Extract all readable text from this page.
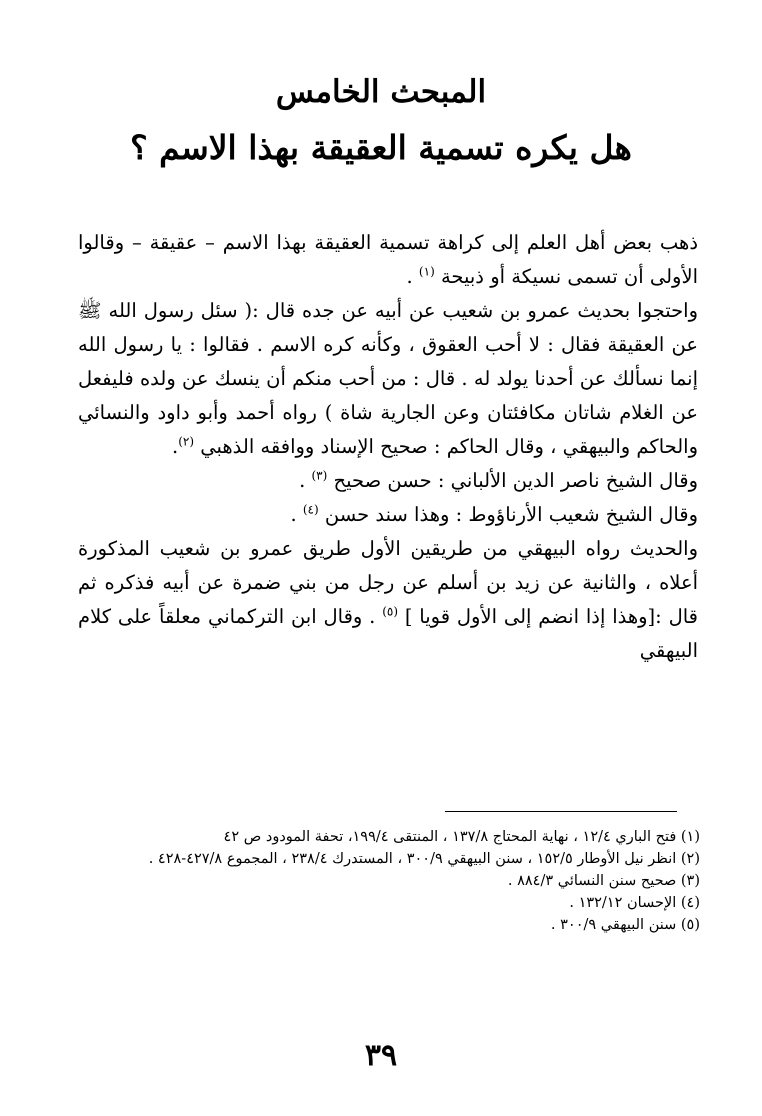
المبحث الخامس
هل يكره تسمية العقيقة بهذا الاسم ؟

ذهب بعض أهل العلم إلى كراهة تسمية العقيقة بهذا الاسم – عقيقة – وقالوا الأولى أن تسمى نسيكة أو ذبيحة $^{(١)}$ .

واحتجوا بحديث عمرو بن شعيب عن أبيه عن جده قال :( سئل رسول الله ﷺ عن العقيقة فقال : لا أحب العقوق ، وكأنه كره الاسم . فقالوا : يا رسول الله إنما نسألك عن أحدنا يولد له . قال : من أحب منكم أن ينسك عن ولده فليفعل عن الغلام شاتان مكافئتان وعن الجارية شاة ) رواه أحمد وأبو داود والنسائي والحاكم والبيهقي ، وقال الحاكم : صحيح الإسناد ووافقه الذهبي $^{(٢)}$.

وقال الشيخ ناصر الدين الألباني : حسن صحيح $^{(٣)}$ .

وقال الشيخ شعيب الأرناؤوط : وهذا سند حسن $^{(٤)}$ .

والحديث رواه البيهقي من طريقين الأول طريق عمرو بن شعيب المذكورة أعلاه ، والثانية عن زيد بن أسلم عن رجل من بني ضمرة عن أبيه فذكره ثم قال :[وهذا إذا انضم إلى الأول قويا ] $^{(٥)}$ . وقال ابن التركماني معلقاً على كلام البيهقي

(١) فتح الباري ١٢/٤ ، نهاية المحتاج ١٣٧/٨ ، المنتقى ١٩٩/٤، تحفة المودود ص ٤٢
(٢) انظر نيل الأوطار ١٥٢/٥ ، سنن البيهقي ٣٠٠/٩ ، المستدرك ٢٣٨/٤ ، المجموع ٤٢٧/٨-٤٢٨ .
(٣) صحيح سنن النسائي ٨٨٤/٣ .
(٤) الإحسان ١٣٢/١٢ .
(٥) سنن البيهقي ٣٠٠/٩ .
٣٩
